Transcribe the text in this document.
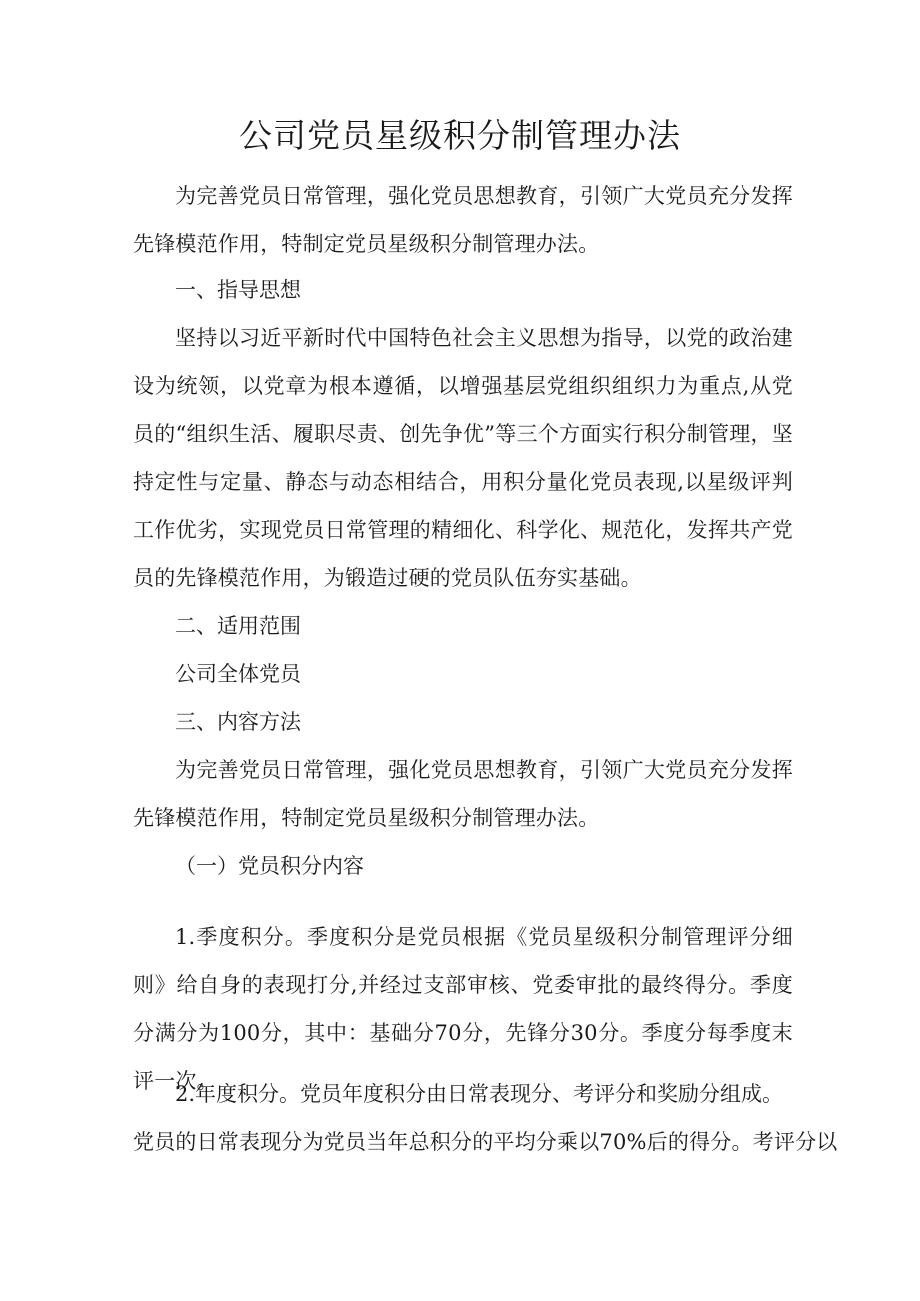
公司党员星级积分制管理办法

为完善党员日常管理，强化党员思想教育，引领广大党员充分发挥先锋模范作用，特制定党员星级积分制管理办法。

一、指导思想

坚持以习近平新时代中国特色社会主义思想为指导，以党的政治建设为统领，以党章为根本遵循，以增强基层党组织组织力为重点,从党员的“组织生活、履职尽责、创先争优”等三个方面实行积分制管理，坚持定性与定量、静态与动态相结合，用积分量化党员表现,以星级评判工作优劣，实现党员日常管理的精细化、科学化、规范化，发挥共产党员的先锋模范作用，为锻造过硬的党员队伍夯实基础。

二、适用范围

公司全体党员

三、内容方法

为完善党员日常管理，强化党员思想教育，引领广大党员充分发挥先锋模范作用，特制定党员星级积分制管理办法。

（一）党员积分内容

1.季度积分。季度积分是党员根据《党员星级积分制管理评分细则》给自身的表现打分,并经过支部审核、党委审批的最终得分。季度分满分为100分，其中：基础分70分，先锋分30分。季度分每季度末评一次。

2.年度积分。党员年度积分由日常表现分、考评分和奖励分组成。

党员的日常表现分为党员当年总积分的平均分乘以70%后的得分。考评分以
